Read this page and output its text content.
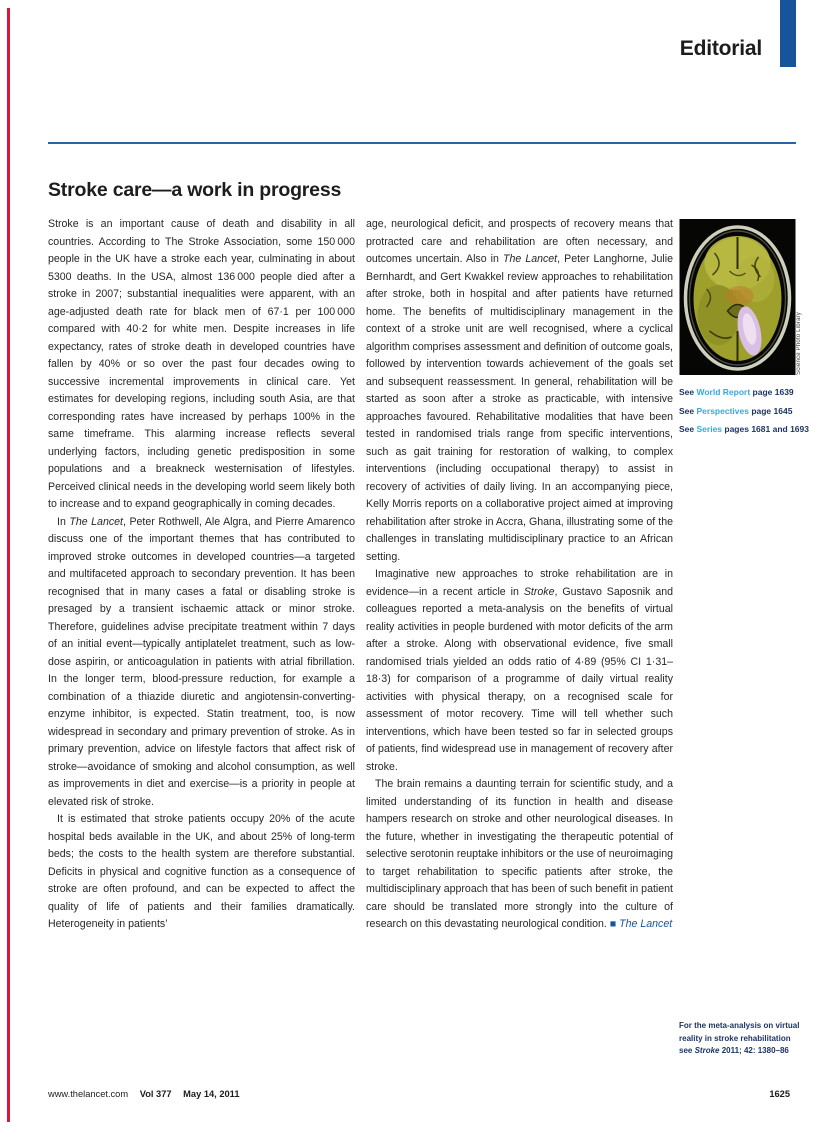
Editorial
Stroke care—a work in progress

Stroke is an important cause of death and disability in all countries. According to The Stroke Association, some 150 000 people in the UK have a stroke each year, culminating in about 5300 deaths. In the USA, almost 136 000 people died after a stroke in 2007; substantial inequalities were apparent, with an age-adjusted death rate for black men of 67·1 per 100 000 compared with 40·2 for white men. Despite increases in life expectancy, rates of stroke death in developed countries have fallen by 40% or so over the past four decades owing to successive incremental improvements in clinical care. Yet estimates for developing regions, including south Asia, are that corresponding rates have increased by perhaps 100% in the same timeframe. This alarming increase reflects several underlying factors, including genetic predisposition in some populations and a breakneck westernisation of lifestyles. Perceived clinical needs in the developing world seem likely both to increase and to expand geographically in coming decades.

In The Lancet, Peter Rothwell, Ale Algra, and Pierre Amarenco discuss one of the important themes that has contributed to improved stroke outcomes in developed countries—a targeted and multifaceted approach to secondary prevention. It has been recognised that in many cases a fatal or disabling stroke is presaged by a transient ischaemic attack or minor stroke. Therefore, guidelines advise precipitate treatment within 7 days of an initial event—typically antiplatelet treatment, such as low-dose aspirin, or anticoagulation in patients with atrial fibrillation. In the longer term, blood-pressure reduction, for example a combination of a thiazide diuretic and angiotensin-converting-enzyme inhibitor, is expected. Statin treatment, too, is now widespread in secondary and primary prevention of stroke. As in primary prevention, advice on lifestyle factors that affect risk of stroke—avoidance of smoking and alcohol consumption, as well as improvements in diet and exercise—is a priority in people at elevated risk of stroke.

It is estimated that stroke patients occupy 20% of the acute hospital beds available in the UK, and about 25% of long-term beds; the costs to the health system are therefore substantial. Deficits in physical and cognitive function as a consequence of stroke are often profound, and can be expected to affect the quality of life of patients and their families dramatically. Heterogeneity in patients’

age, neurological deficit, and prospects of recovery means that protracted care and rehabilitation are often necessary, and outcomes uncertain. Also in The Lancet, Peter Langhorne, Julie Bernhardt, and Gert Kwakkel review approaches to rehabilitation after stroke, both in hospital and after patients have returned home. The benefits of multidisciplinary management in the context of a stroke unit are well recognised, where a cyclical algorithm comprises assessment and definition of outcome goals, followed by intervention towards achievement of the goals set and subsequent reassessment. In general, rehabilitation will be started as soon after a stroke as practicable, with intensive approaches favoured. Rehabilitative modalities that have been tested in randomised trials range from specific interventions, such as gait training for restoration of walking, to complex interventions (including occupational therapy) to assist in recovery of activities of daily living. In an accompanying piece, Kelly Morris reports on a collaborative project aimed at improving rehabilitation after stroke in Accra, Ghana, illustrating some of the challenges in translating multidisciplinary practice to an African setting.

Imaginative new approaches to stroke rehabilitation are in evidence—in a recent article in Stroke, Gustavo Saposnik and colleagues reported a meta-analysis on the benefits of virtual reality activities in people burdened with motor deficits of the arm after a stroke. Along with observational evidence, five small randomised trials yielded an odds ratio of 4·89 (95% CI 1·31–18·3) for comparison of a programme of daily virtual reality activities with physical therapy, on a recognised scale for assessment of motor recovery. Time will tell whether such interventions, which have been tested so far in selected groups of patients, find widespread use in management of recovery after stroke.

The brain remains a daunting terrain for scientific study, and a limited understanding of its function in health and disease hampers research on stroke and other neurological diseases. In the future, whether in investigating the therapeutic potential of selective serotonin reuptake inhibitors or the use of neuroimaging to target rehabilitation to specific patients after stroke, the multidisciplinary approach that has been of such benefit in patient care should be translated more strongly into the culture of research on this devastating neurological condition. ■ The Lancet

Science Photo Library
See World Report page 1639
See Perspectives page 1645
See Series pages 1681 and 1693
For the meta-analysis on virtual reality in stroke rehabilitation see Stroke 2011; 42: 1380–86
www.thelancet.com Vol 377 May 14, 2011	1625
